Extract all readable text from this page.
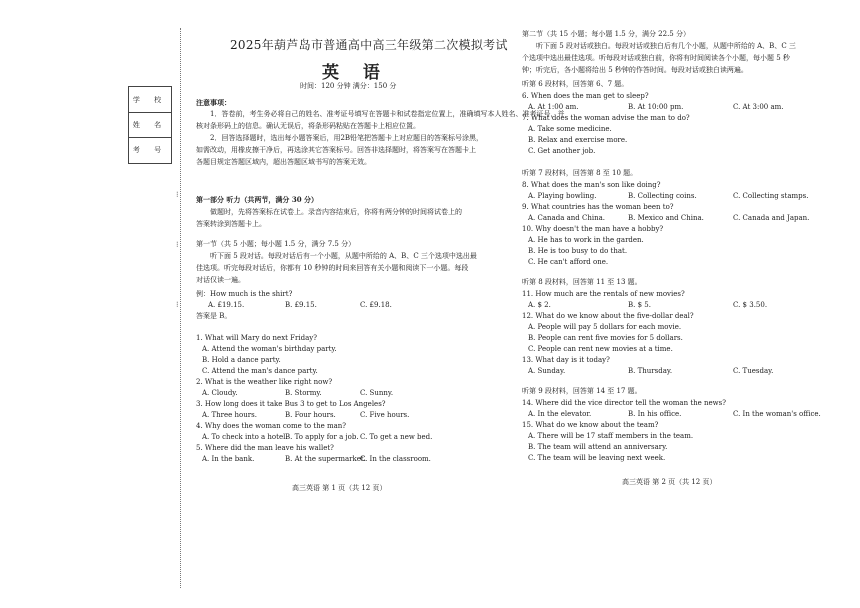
学 校
姓 名
考 号
⁝
⁝
⁝
2025年葫芦岛市普通高中高三年级第二次模拟考试
英 语
时间：120 分钟 满分：150 分
注意事项：
1．答卷前，考生务必将自己的姓名、准考证号填写在答题卡和试卷指定位置上，准确填写本人姓名、准考证号，并
核对条形码上的信息。确认无误后，将条形码粘贴在答题卡上相应位置。
2．回答选择题时，选出每小题答案后，用2B铅笔把答题卡上对应题目的答案标号涂黑，
如需改动，用橡皮擦干净后，再选涂其它答案标号。回答非选择题时，将答案写在答题卡上
各题目规定答题区域内，超出答题区域书写的答案无效。
第一部分 听力（共两节，满分 30 分）
做题时，先将答案标在试卷上。录音内容结束后，你将有两分钟的时间将试卷上的
答案转涂到答题卡上。
第一节（共 5 小题；每小题 1.5 分，满分 7.5 分）
听下面 5 段对话。每段对话后有一个小题，从题中所给的 A、B、C 三个选项中选出最
佳选项。听完每段对话后，你都有 10 秒钟的时间来回答有关小题和阅读下一小题。每段
对话仅读一遍。
例：How much is the shirt?
A. £19.15.	B. £9.15.	C. £9.18.
答案是 B。
1. What will Mary do next Friday?
A. Attend the woman's birthday party.
B. Hold a dance party.
C. Attend the man's dance party.
2. What is the weather like right now?
A. Cloudy.	B. Stormy.	C. Sunny.
3. How long does it take Bus 3 to get to Los Angeles?
A. Three hours.	B. Four hours.	C. Five hours.
4. Why does the woman come to the man?
A. To check into a hotel.
B. To apply for a job. C. To get a new bed.
5. Where did the man leave his wallet?
A. In the bank.	B. At the supermarket.
C. In the classroom.
高三英语 第 1 页（共 12 页）
第二节（共 15 小题；每小题 1.5 分，满分 22.5 分）
听下面 5 段对话或独白。每段对话或独白后有几个小题，从题中所给的 A、B、C 三
个选项中选出最佳选项。听每段对话或独白前，你将有时间阅读各个小题，每小题 5 秒
钟；听完后，各小题将给出 5 秒钟的作答时间。每段对话或独白读两遍。
听第 6 段材料，回答第 6、7 题。
6. When does the man get to sleep?
A. At 1:00 am.	B. At 10:00 pm.	C. At 3:00 am.
7. What does the woman advise the man to do?
A. Take some medicine.
B. Relax and exercise more.
C. Get another job.
听第 7 段材料，回答第 8 至 10 题。
8. What does the man's son like doing?
A. Playing bowling.	B. Collecting coins.	C. Collecting stamps.
9. What countries has the woman been to?
A. Canada and China.	B. Mexico and China.	C. Canada and Japan.
10. Why doesn't the man have a hobby?
A. He has to work in the garden.
B. He is too busy to do that.
C. He can't afford one.
听第 8 段材料，回答第 11 至 13 题。
11. How much are the rentals of new movies?
A. $ 2.	B. $ 5.	C. $ 3.50.
12. What do we know about the five-dollar deal?
A. People will pay 5 dollars for each movie.
B. People can rent five movies for 5 dollars.
C. People can rent new movies at a time.
13. What day is it today?
A. Sunday.	B. Thursday.	C. Tuesday.
听第 9 段材料，回答第 14 至 17 题。
14. Where did the vice director tell the woman the news?
A. In the elevator.	B. In his office.	C. In the woman's office.
15. What do we know about the team?
A. There will be 17 staff members in the team.
B. The team will attend an anniversary.
C. The team will be leaving next week.
高三英语 第 2 页（共 12 页）
